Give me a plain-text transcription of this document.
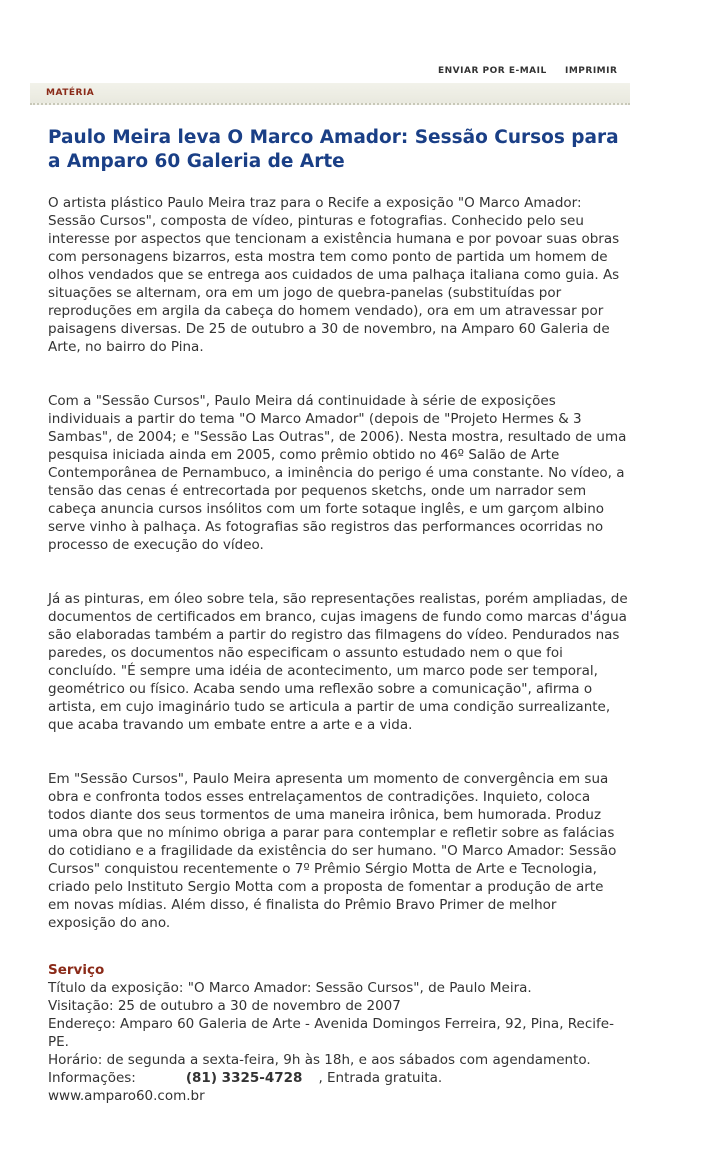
ENVIAR POR E-MAIL IMPRIMIR
MATÉRIA
Paulo Meira leva O Marco Amador: Sessão Cursos para a Amparo 60 Galeria de Arte

O artista plástico Paulo Meira traz para o Recife a exposição "O Marco Amador: Sessão Cursos", composta de vídeo, pinturas e fotografias. Conhecido pelo seu interesse por aspectos que tencionam a existência humana e por povoar suas obras com personagens bizarros, esta mostra tem como ponto de partida um homem de olhos vendados que se entrega aos cuidados de uma palhaça italiana como guia. As situações se alternam, ora em um jogo de quebra-panelas (substituídas por reproduções em argila da cabeça do homem vendado), ora em um atravessar por paisagens diversas. De 25 de outubro a 30 de novembro, na Amparo 60 Galeria de Arte, no bairro do Pina.

Com a "Sessão Cursos", Paulo Meira dá continuidade à série de exposições individuais a partir do tema "O Marco Amador" (depois de "Projeto Hermes & 3 Sambas", de 2004; e "Sessão Las Outras", de 2006). Nesta mostra, resultado de uma pesquisa iniciada ainda em 2005, como prêmio obtido no 46º Salão de Arte Contemporânea de Pernambuco, a iminência do perigo é uma constante. No vídeo, a tensão das cenas é entrecortada por pequenos sketchs, onde um narrador sem cabeça anuncia cursos insólitos com um forte sotaque inglês, e um garçom albino serve vinho à palhaça. As fotografias são registros das performances ocorridas no processo de execução do vídeo.

Já as pinturas, em óleo sobre tela, são representações realistas, porém ampliadas, de documentos de certificados em branco, cujas imagens de fundo como marcas d'água são elaboradas também a partir do registro das filmagens do vídeo. Pendurados nas paredes, os documentos não especificam o assunto estudado nem o que foi concluído. "É sempre uma idéia de acontecimento, um marco pode ser temporal, geométrico ou físico. Acaba sendo uma reflexão sobre a comunicação", afirma o artista, em cujo imaginário tudo se articula a partir de uma condição surrealizante, que acaba travando um embate entre a arte e a vida.

Em "Sessão Cursos", Paulo Meira apresenta um momento de convergência em sua obra e confronta todos esses entrelaçamentos de contradições. Inquieto, coloca todos diante dos seus tormentos de uma maneira irônica, bem humorada. Produz uma obra que no mínimo obriga a parar para contemplar e refletir sobre as falácias do cotidiano e a fragilidade da existência do ser humano. "O Marco Amador: Sessão Cursos" conquistou recentemente o 7º Prêmio Sérgio Motta de Arte e Tecnologia, criado pelo Instituto Sergio Motta com a proposta de fomentar a produção de arte em novas mídias. Além disso, é finalista do Prêmio Bravo Primer de melhor exposição do ano.

Serviço
Título da exposição: "O Marco Amador: Sessão Cursos", de Paulo Meira.
Visitação: 25 de outubro a 30 de novembro de 2007
Endereço: Amparo 60 Galeria de Arte - Avenida Domingos Ferreira, 92, Pina, Recife-PE.
Horário: de segunda a sexta-feira, 9h às 18h, e aos sábados com agendamento.
Informações:	(81) 3325-4728 , Entrada gratuita.
www.amparo60.com.br
